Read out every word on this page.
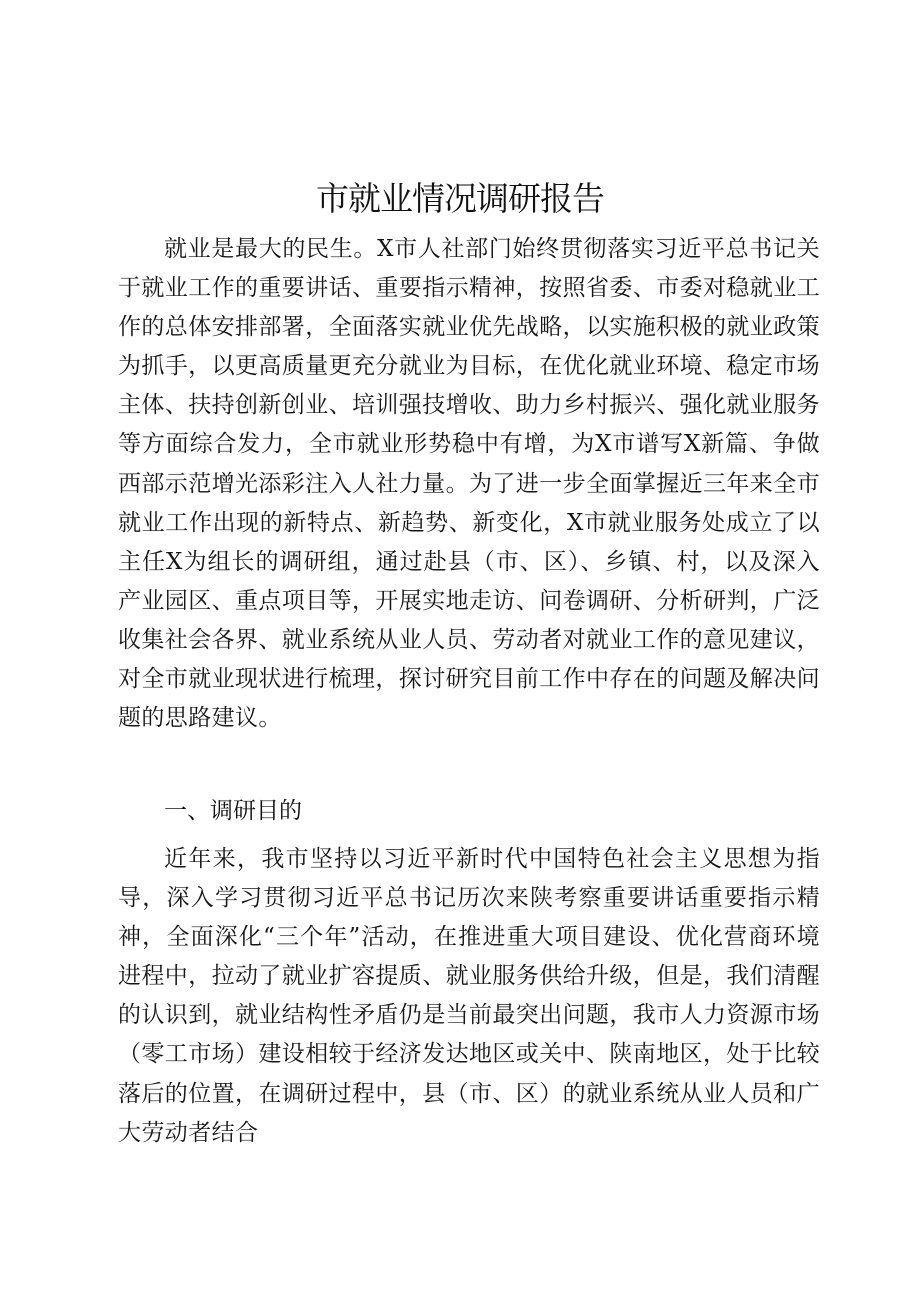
市就业情况调研报告

就业是最大的民生。X市人社部门始终贯彻落实习近平总书记关于就业工作的重要讲话、重要指示精神，按照省委、市委对稳就业工作的总体安排部署，全面落实就业优先战略，以实施积极的就业政策为抓手，以更高质量更充分就业为目标，在优化就业环境、稳定市场主体、扶持创新创业、培训强技增收、助力乡村振兴、强化就业服务等方面综合发力，全市就业形势稳中有增，为X市谱写X新篇、争做西部示范增光添彩注入人社力量。为了进一步全面掌握近三年来全市就业工作出现的新特点、新趋势、新变化，X市就业服务处成立了以主任X为组长的调研组，通过赴县（市、区）、乡镇、村，以及深入产业园区、重点项目等，开展实地走访、问卷调研、分析研判，广泛收集社会各界、就业系统从业人员、劳动者对就业工作的意见建议，对全市就业现状进行梳理，探讨研究目前工作中存在的问题及解决问题的思路建议。

一、调研目的

近年来，我市坚持以习近平新时代中国特色社会主义思想为指导，深入学习贯彻习近平总书记历次来陕考察重要讲话重要指示精神，全面深化“三个年”活动，在推进重大项目建设、优化营商环境进程中，拉动了就业扩容提质、就业服务供给升级，但是，我们清醒的认识到，就业结构性矛盾仍是当前最突出问题，我市人力资源市场（零工市场）建设相较于经济发达地区或关中、陕南地区，处于比较落后的位置，在调研过程中，县（市、区）的就业系统从业人员和广大劳动者结合
